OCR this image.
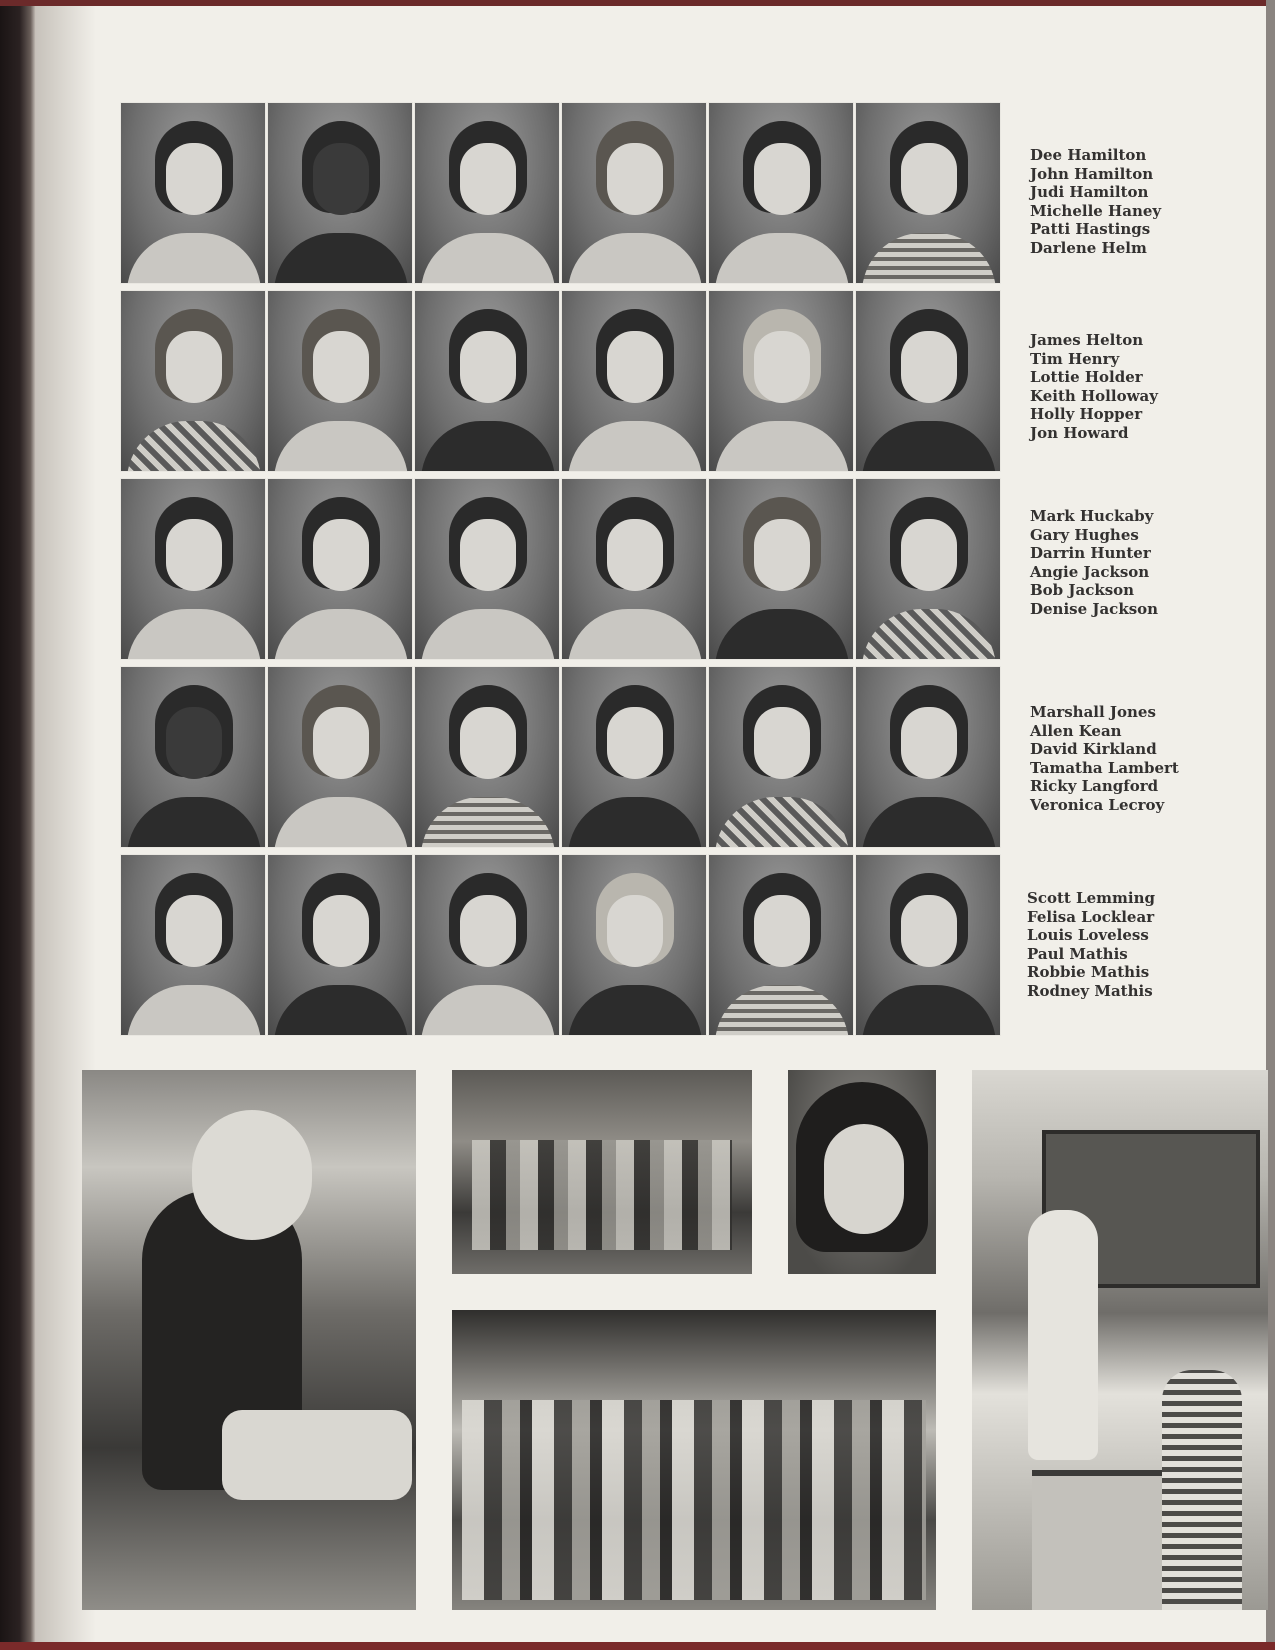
Dee Hamilton
John Hamilton
Judi Hamilton
Michelle Haney
Patti Hastings
Darlene Helm
James Helton
Tim Henry
Lottie Holder
Keith Holloway
Holly Hopper
Jon Howard
Mark Huckaby
Gary Hughes
Darrin Hunter
Angie Jackson
Bob Jackson
Denise Jackson
Marshall Jones
Allen Kean
David Kirkland
Tamatha Lambert
Ricky Langford
Veronica Lecroy
Scott Lemming
Felisa Locklear
Louis Loveless
Paul Mathis
Robbie Mathis
Rodney Mathis
